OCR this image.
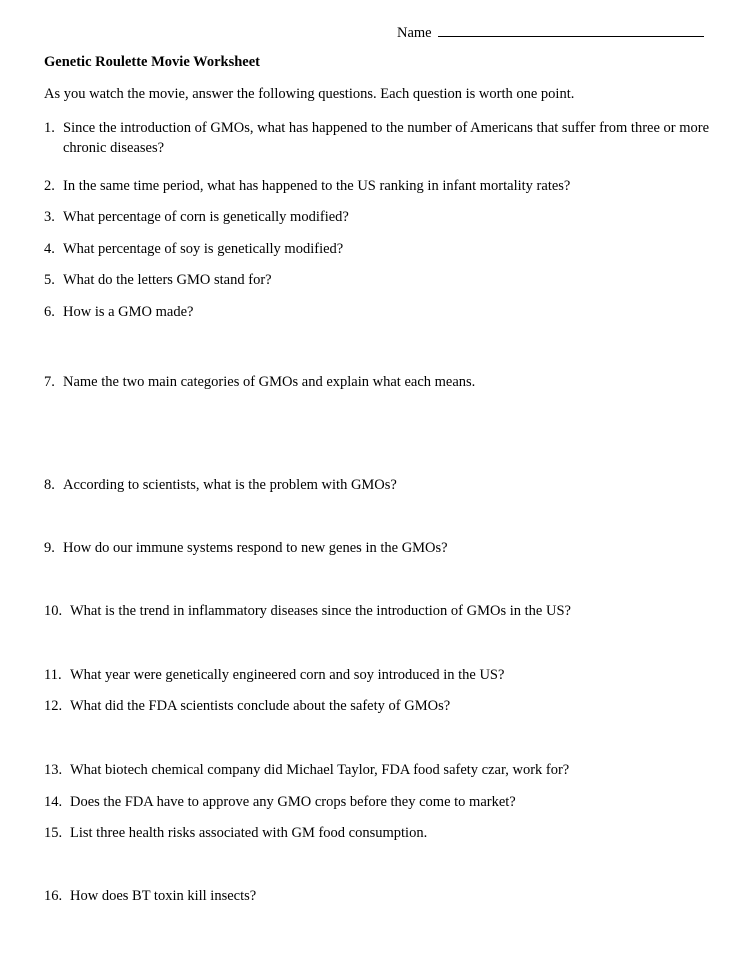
Name
Genetic Roulette Movie Worksheet
As you watch the movie, answer the following questions. Each question is worth one point.
1. Since the introduction of GMOs, what has happened to the number of Americans that suffer from three or more chronic diseases?
2. In the same time period, what has happened to the US ranking in infant mortality rates?
3. What percentage of corn is genetically modified?
4. What percentage of soy is genetically modified?
5. What do the letters GMO stand for?
6. How is a GMO made?
7. Name the two main categories of GMOs and explain what each means.
8. According to scientists, what is the problem with GMOs?
9. How do our immune systems respond to new genes in the GMOs?
10. What is the trend in inflammatory diseases since the introduction of GMOs in the US?
11. What year were genetically engineered corn and soy introduced in the US?
12. What did the FDA scientists conclude about the safety of GMOs?
13. What biotech chemical company did Michael Taylor, FDA food safety czar, work for?
14. Does the FDA have to approve any GMO crops before they come to market?
15. List three health risks associated with GM food consumption.
16. How does BT toxin kill insects?
